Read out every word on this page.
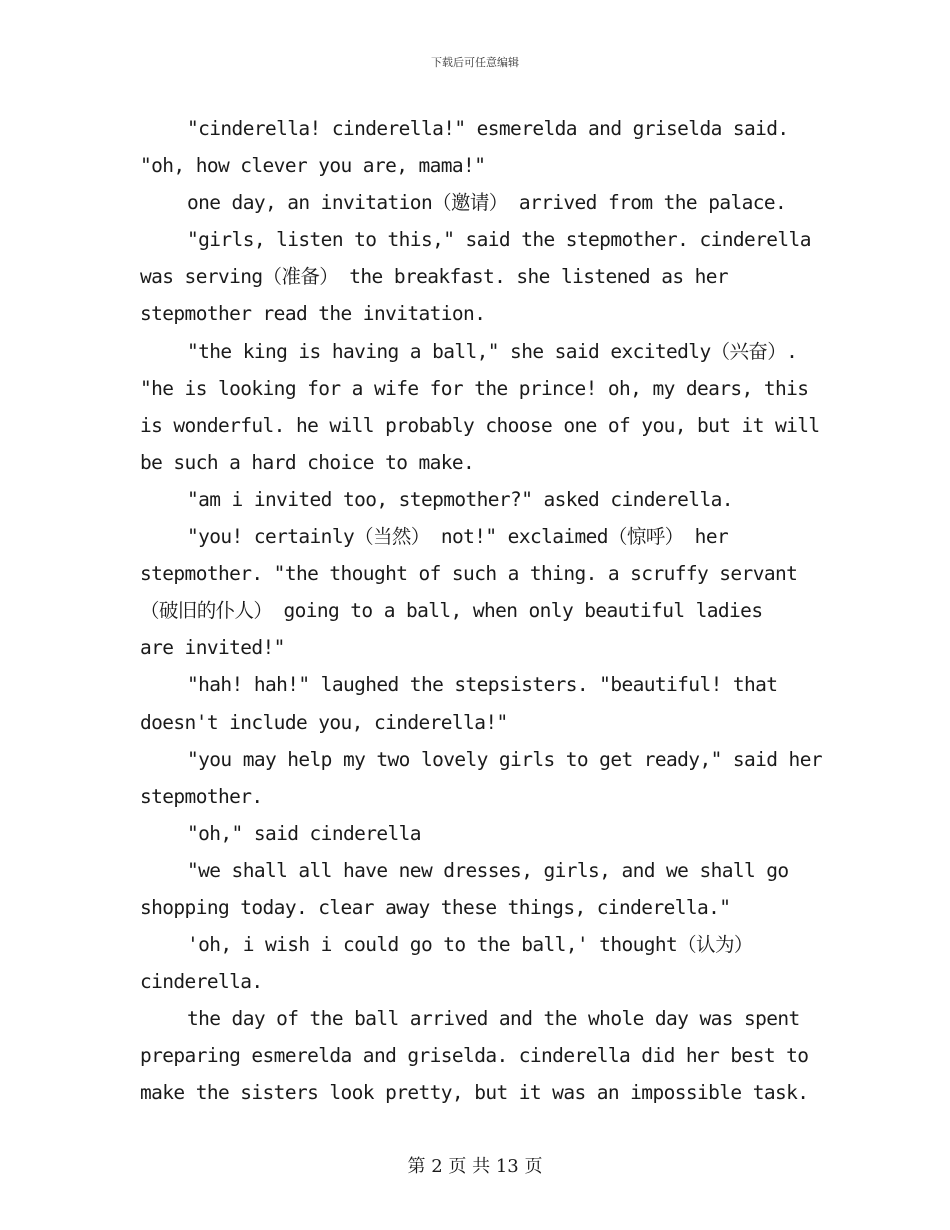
下载后可任意编辑

"cinderella! cinderella!" esmerelda and griselda said.

"oh, how clever you are, mama!"

one day, an invitation（邀请） arrived from the palace.

"girls, listen to this," said the stepmother. cinderella

was serving（准备） the breakfast. she listened as her

stepmother read the invitation.

"the king is having a ball," she said excitedly（兴奋）.

"he is looking for a wife for the prince! oh, my dears, this

is wonderful. he will probably choose one of you, but it will

be such a hard choice to make.

"am i invited too, stepmother?" asked cinderella.

"you! certainly（当然） not!" exclaimed（惊呼） her

stepmother. "the thought of such a thing. a scruffy servant

（破旧的仆人） going to a ball, when only beautiful ladies

are invited!"

"hah! hah!" laughed the stepsisters. "beautiful! that

doesn't include you, cinderella!"

"you may help my two lovely girls to get ready," said her

stepmother.

"oh," said cinderella

"we shall all have new dresses, girls, and we shall go

shopping today. clear away these things, cinderella."

'oh, i wish i could go to the ball,' thought（认为）

cinderella.

the day of the ball arrived and the whole day was spent

preparing esmerelda and griselda. cinderella did her best to

make the sisters look pretty, but it was an impossible task.

第 2 页 共 13 页
